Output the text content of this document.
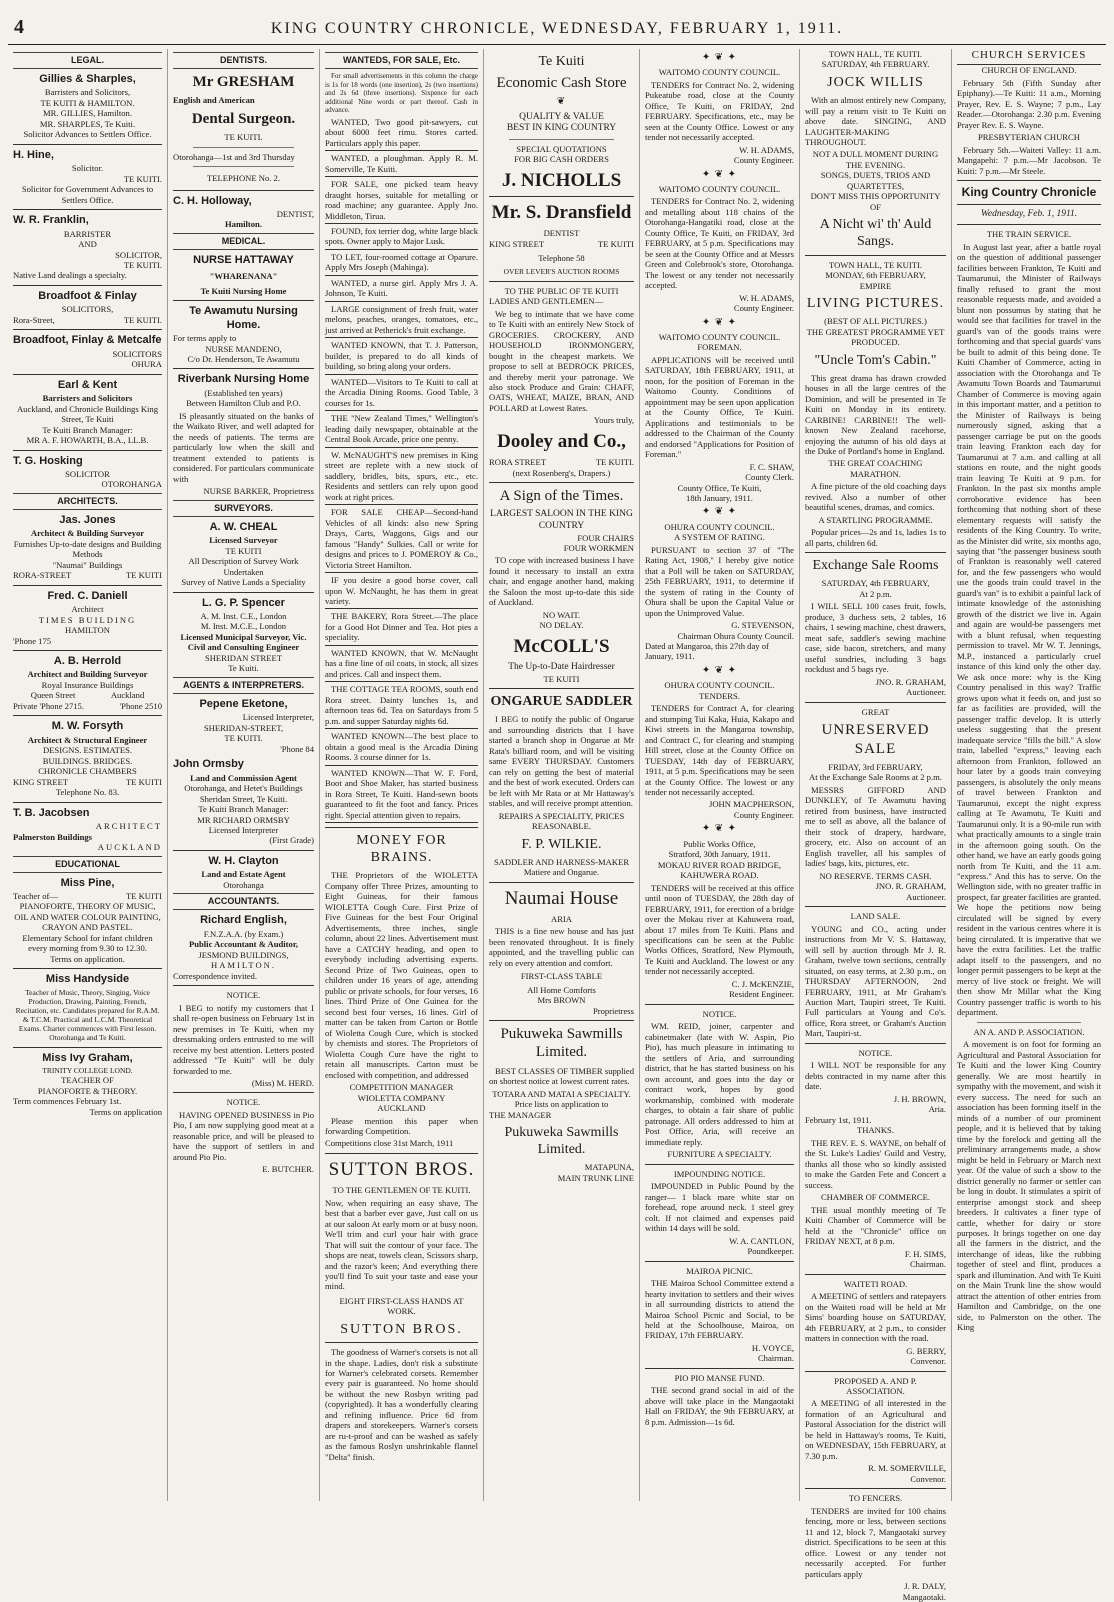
4	KING COUNTRY CHRONICLE, WEDNESDAY, FEBRUARY 1, 1911.
LEGAL.
Gillies & Sharples,
Barristers and Solicitors,
TE KUITI & HAMILTON.
MR. GILLIES, Hamilton.
MR. SHARPLES, Te Kuiti.
Solicitor Advances to Settlers Office.
H. Hine,
Solicitor.
TE KUITI.
Solicitor for Government Advances to Settlers Office.
W. R. Franklin,
BARRISTER
AND
SOLICITOR,
TE KUITI.
Native Land dealings a specialty.
Broadfoot & Finlay
SOLICITORS,
Rora-Street,	TE KUITI.
Broadfoot, Finlay & Metcalfe
SOLICITORS
OHURA
Earl & Kent
Barristers and Solicitors
Auckland, and Chronicle Buildings King Street, Te Kuiti
Te Kuiti Branch Manager:
MR A. F. HOWARTH, B.A., LL.B.
T. G. Hosking
SOLICITOR
OTOROHANGA
ARCHITECTS.
Jas. Jones
Architect & Building Surveyor
Furnishes Up-to-date designs and Building Methods
"Naumai" Buildings
RORA-STREET	TE KUITI
Fred. C. Daniell
Architect
TIMES BUILDING
HAMILTON
'Phone 175
A. B. Herrold
Architect and Building Surveyor
Royal Insurance Buildings
Queen Street	Auckland
Private 'Phone 2715.	'Phone 2510
M. W. Forsyth
Architect & Structural Engineer
DESIGNS. ESTIMATES.
BUILDINGS. BRIDGES.
CHRONICLE CHAMBERS
KING STREET	TE KUITI
Telephone No. 83.
T. B. Jacobsen
ARCHITECT
Palmerston Buildings
AUCKLAND
EDUCATIONAL
Miss Pine,
Teacher of—	TE KUITI
PIANOFORTE, THEORY OF MUSIC, OIL AND WATER COLOUR PAINTING, CRAYON AND PASTEL.
Elementary School for infant children every morning from 9.30 to 12.30.
Terms on application.
Miss Handyside
Teacher of Music, Theory, Singing, Voice Production, Drawing, Painting, French, Recitation, etc. Candidates prepared for R.A.M. & T.C.M. Practical and L.C.M. Theoretical Exams. Charter commences with First lesson. Otorohanga and Te Kuiti.
Miss Ivy Graham,
TRINITY COLLEGE LOND.
TEACHER OF
PIANOFORTE & THEORY.
Term commences February 1st.
Terms on application
DENTISTS.
Mr GRESHAM
English and American
Dental Surgeon.
TE KUITI.
Otorohanga—1st and 3rd Thursday
TELEPHONE No. 2.
C. H. Holloway,
DENTIST,
Hamilton.
MEDICAL.
NURSE HATTAWAY
"WHARENANA"
Te Kuiti Nursing Home
Te Awamutu Nursing Home.
For terms apply to
NURSE MANDENO,
C/o Dr. Henderson, Te Awamutu
Riverbank Nursing Home
(Established ten years)
Between Hamilton Club and P.O.
IS pleasantly situated on the banks of the Waikato River, and well adapted for the needs of patients. The terms are particularly low when the skill and treatment extended to patients is considered. For particulars communicate with
NURSE BARKER, Proprietress
SURVEYORS.
A. W. CHEAL
Licensed Surveyor
TE KUITI
All Description of Survey Work
Undertaken
Survey of Native Lands a Speciality
L. G. P. Spencer
A. M. Inst. C.E., London
M. Inst. M.C.E., London
Licensed Municipal Surveyor, Vic. Civil and Consulting Engineer
SHERIDAN STREET
Te Kuiti.
AGENTS & INTERPRETERS.
Pepene Eketone,
Licensed Interpreter,
SHERIDAN-STREET,
TE KUITI.
'Phone 84
John Ormsby
Land and Commission Agent
Otorohanga, and Hetet's Buildings Sheridan Street, Te Kuiti.
Te Kuiti Branch Manager:
MR RICHARD ORMSBY
Licensed Interpreter
(First Grade)
W. H. Clayton
Land and Estate Agent
Otorohanga
ACCOUNTANTS.
Richard English,
F.N.Z.A.A. (by Exam.)
Public Accountant & Auditor,
JESMOND BUILDINGS,
HAMILTON.
Correspondence invited.
NOTICE.
I BEG to notify my customers that I shall re-open business on February 1st in new premises in Te Kuiti, when my dressmaking orders entrusted to me will receive my best attention. Letters posted addressed "Te Kuiti" will be duly forwarded to me.
(Miss) M. HERD.
NOTICE.
HAVING OPENED BUSINESS in Pio Pio, I am now supplying good meat at a reasonable price, and will be pleased to have the support of settlers in and around Pio Pio.
E. BUTCHER.
WANTEDS, FOR SALE, Etc.
For small advertisements in this column the charge is 1s for 18 words (one insertion), 2s (two insertions) and 2s 6d (three insertions). Sixpence for each additional Nine words or part thereof. Cash in advance.
WANTED, Two good pit-sawyers, cut about 6000 feet rimu. Stores carted. Particulars apply this paper.
WANTED, a ploughman. Apply R. M. Somerville, Te Kuiti.
FOR SALE, one picked team heavy draught horses, suitable for metalling or road machine; any guarantee. Apply Jno. Middleton, Tirua.
FOUND, fox terrier dog, white large black spots. Owner apply to Major Lusk.
TO LET, four-roomed cottage at Oparure. Apply Mrs Joseph (Mahinga).
WANTED, a nurse girl. Apply Mrs J. A. Johnson, Te Kuiti.
LARGE consignment of fresh fruit, water melons, peaches, oranges, tomatoes, etc., just arrived at Petherick's fruit exchange.
WANTED KNOWN, that T. J. Patterson, builder, is prepared to do all kinds of building, so bring along your orders.
WANTED—Visitors to Te Kuiti to call at the Arcadia Dining Rooms. Good Table, 3 courses for 1s.
THE "New Zealand Times," Wellington's leading daily newspaper, obtainable at the Central Book Arcade, price one penny.
W. McNAUGHT'S new premises in King street are replete with a new stock of saddlery, bridles, bits, spurs, etc., etc. Residents and settlers can rely upon good work at right prices.
FOR SALE CHEAP—Second-hand Vehicles of all kinds: also new Spring Drays, Carts, Waggons, Gigs and our famous "Handy" Sulkies. Call or write for designs and prices to J. POMEROY & Co., Victoria Street Hamilton.
IF you desire a good horse cover, call upon W. McNaught, he has them in great variety.
THE BAKERY, Rora Street.—The place for a Good Hot Dinner and Tea. Hot pies a speciality.
WANTED KNOWN, that W. McNaught has a fine line of oil coats, in stock, all sizes and prices. Call and inspect them.
THE COTTAGE TEA ROOMS, south end Rora street. Dainty lunches 1s, and afternoon teas 6d. Tea on Saturdays from 5 p.m. and supper Saturday nights 6d.
WANTED KNOWN—The best place to obtain a good meal is the Arcadia Dining Rooms. 3 course dinner for 1s.
WANTED KNOWN—That W. F. Ford, Boot and Shoe Maker, has started business in Rora Street, Te Kuiti. Hand-sewn boots guaranteed to fit the foot and fancy. Prices right. Special attention given to repairs.
MONEY FOR BRAINS.
THE Proprietors of the WIOLETTA Company offer Three Prizes, amounting to Eight Guineas, for their famous WIOLETTA Cough Cure. First Prize of Five Guineas for the best Four Original Advertisements, three inches, single column, about 22 lines. Advertisement must have a CATCHY heading, and open to everybody including advertising experts. Second Prize of Two Guineas, open to children under 16 years of age, attending public or private schools, for four verses, 16 lines. Third Prize of One Guinea for the second best four verses, 16 lines. Girl of matter can be taken from Carton or Bottle of Wioletta Cough Cure, which is stocked by chemists and stores. The Proprietors of Wioletta Cough Cure have the right to retain all manuscripts. Carton must be enclosed with competition, and addressed
COMPETITION MANAGER
WIOLETTA COMPANY
AUCKLAND
Please mention this paper when forwarding Competition.
Competitions close 31st March, 1911
SUTTON BROS.
TO THE GENTLEMEN OF TE KUITI.
Now, when requiring an easy shave, The best that a barber ever gave, Just call on us at our saloon At early morn or at busy noon. We'll trim and curl your hair with grace That will suit the contour of your face. The shops are neat, towels clean, Scissors sharp, and the razor's keen; And everything there you'll find To suit your taste and ease your mind.
EIGHT FIRST-CLASS HANDS AT WORK.
SUTTON BROS.
The goodness of Warner's corsets is not all in the shape. Ladies, don't risk a substitute for Warner's celebrated corsets. Remember every pair is guaranteed. No home should be without the new Rosbyn writing pad (copyrighted). It has a wonderfully clearing and refining influence. Price 6d from drapers and storekeepers. Warner's corsets are ru-t-proof and can be washed as safely as the famous Roslyn unshrinkable flannel "Delta" finish.
Te Kuiti
Economic Cash Store
❦
QUALITY & VALUE
BEST IN KING COUNTRY
SPECIAL QUOTATIONS
FOR BIG CASH ORDERS
J. NICHOLLS
Mr. S. Dransfield
DENTIST
KING STREET	TE KUITI
Telephone 58
OVER LEVER'S AUCTION ROOMS
TO THE PUBLIC OF TE KUITI
LADIES AND GENTLEMEN—
We beg to intimate that we have come to Te Kuiti with an entirely New Stock of GROCERIES. CROCKERY, AND HOUSEHOLD IRONMONGERY, bought in the cheapest markets. We propose to sell at BEDROCK PRICES, and thereby merit your patronage. We also stock Produce and Grain: CHAFF, OATS, WHEAT, MAIZE, BRAN, AND POLLARD at Lowest Rates.
Yours truly,
Dooley and Co.,
RORA STREET	TE KUITI.
(next Rosenberg's, Drapers.)
A Sign of the Times.
LARGEST SALOON IN THE KING COUNTRY
FOUR CHAIRS
FOUR WORKMEN
TO cope with increased business I have found it necessary to install an extra chair, and engage another hand, making the Saloon the most up-to-date this side of Auckland.
NO WAIT.
NO DELAY.
McCOLL'S
The Up-to-Date Hairdresser
TE KUITI
ONGARUE SADDLER
I BEG to notify the public of Ongarue and surrounding districts that I have started a branch shop in Ongarue at Mr Rata's billiard room, and will be visiting same EVERY THURSDAY. Customers can rely on getting the best of material and the best of work executed. Orders can be left with Mr Rata or at Mr Hattaway's stables, and will receive prompt attention.
REPAIRS A SPECIALITY, PRICES REASONABLE.
F. P. WILKIE.
SADDLER AND HARNESS-MAKER
Matiere and Ongarue.
Naumai House
ARIA
THIS is a fine new house and has just been renovated throughout. It is finely appointed, and the travelling public can rely on every attention and comfort.
FIRST-CLASS TABLE
All Home Comforts
Mrs BROWN
Proprietress
Pukuweka Sawmills Limited.
BEST CLASSES OF TIMBER supplied on shortest notice at lowest current rates.
TOTARA AND MATAI A SPECIALTY.
Price lists on application to
THE MANAGER
Pukuweka Sawmills Limited.
MATAPUNA,
MAIN TRUNK LINE
✦ ❦ ✦
WAITOMO COUNTY COUNCIL.
TENDERS for Contract No. 2, widening Pukeatube road, close at the County Office, Te Kuiti, on FRIDAY, 2nd FEBRUARY. Specifications, etc., may be seen at the County Office. Lowest or any tender not necessarily accepted.
W. H. ADAMS,
County Engineer.
✦ ❦ ✦
WAITOMO COUNTY COUNCIL.
TENDERS for Contract No. 2, widening and metalling about 118 chains of the Otorohanga-Hangatiki road, close at the County Office, Te Kuiti, on FRIDAY, 3rd FEBRUARY, at 5 p.m. Specifications may be seen at the County Office and at Messrs Green and Colebrook's store, Otorohanga. The lowest or any tender not necessarily accepted.
W. H. ADAMS,
County Engineer.
✦ ❦ ✦
WAITOMO COUNTY COUNCIL.
FOREMAN.
APPLICATIONS will be received until SATURDAY, 18th FEBRUARY, 1911, at noon, for the position of Foreman in the Waitomo County. Conditions of appointment may be seen upon application at the County Office, Te Kuiti. Applications and testimonials to be addressed to the Chairman of the County and endorsed "Applications for Position of Foreman."
F. C. SHAW,
County Clerk.
County Office, Te Kuiti,
18th January, 1911.
✦ ❦ ✦
OHURA COUNTY COUNCIL.
A SYSTEM OF RATING.
PURSUANT to section 37 of "The Rating Act, 1908," I hereby give notice that a Poll will be taken on SATURDAY, 25th FEBRUARY, 1911, to determine if the system of rating in the County of Ohura shall be upon the Capital Value or upon the Unimproved Value.
G. STEVENSON,
Chairman Ohura County Council.
Dated at Mangaroa, this 27th day of January, 1911.
✦ ❦ ✦
OHURA COUNTY COUNCIL.
TENDERS.
TENDERS for Contract A, for clearing and stumping Tui Kaka, Huia, Kakapo and Kiwi streets in the Mangaroa township, and Contract C, for clearing and stumping Hill street, close at the County Office on TUESDAY, 14th day of FEBRUARY, 1911, at 5 p.m. Specifications may be seen at the County Office. The lowest or any tender not necessarily accepted.
JOHN MACPHERSON,
County Engineer.
✦ ❦ ✦
Public Works Office,
Stratford, 30th January, 1911.
MOKAU RIVER ROAD BRIDGE, KAHUWERA ROAD.
TENDERS will be received at this office until noon of TUESDAY, the 28th day of FEBRUARY, 1911, for erection of a bridge over the Mokau river at Kahuwera road, about 17 miles from Te Kuiti. Plans and specifications can be seen at the Public Works Offices, Stratford, New Plymouth, Te Kuiti and Auckland. The lowest or any tender not necessarily accepted.
C. J. McKENZIE,
Resident Engineer.
NOTICE.
WM. REID, joiner, carpenter and cabinetmaker (late with W. Aspin, Pio Pio), has much pleasure in intimating to the settlers of Aria, and surrounding district, that he has started business on his own account, and goes into the day or contract work, hopes by good workmanship, combined with moderate charges, to obtain a fair share of public patronage. All orders addressed to him at Post Office, Aria, will receive an immediate reply.
FURNITURE A SPECIALTY.
IMPOUNDING NOTICE.
IMPOUNDED in Public Pound by the ranger— 1 black mare white star on forehead, rope around neck. 1 steel grey colt. If not claimed and expenses paid within 14 days will be sold.
W. A. CANTLON,
Poundkeeper.
MAIROA PICNIC.
THE Mairoa School Committee extend a hearty invitation to settlers and their wives in all surrounding districts to attend the Mairoa School Picnic and Social, to be held at the Schoolhouse, Mairoa, on FRIDAY, 17th FEBRUARY.
H. VOYCE,
Chairman.
PIO PIO MANSE FUND.
THE second grand social in aid of the above will take place in the Mangaotaki Hall on FRIDAY, the 9th FEBRUARY, at 8 p.m. Admission—1s 6d.
TOWN HALL, TE KUITI.
SATURDAY, 4th FEBRUARY.
JOCK WILLIS
With an almost entirely new Company, will pay a return visit to Te Kuiti on above date. SINGING, AND LAUGHTER-MAKING THROUGHOUT.
NOT A DULL MOMENT DURING THE EVENING.
SONGS, DUETS, TRIOS AND QUARTETTES,
DON'T MISS THIS OPPORTUNITY OF
A Nicht wi' th' Auld Sangs.
TOWN HALL, TE KUITI.
MONDAY, 6th FEBRUARY,
EMPIRE
LIVING PICTURES.
(BEST OF ALL PICTURES.)
THE GREATEST PROGRAMME YET PRODUCED.
"Uncle Tom's Cabin."
This great drama has drawn crowded houses in all the large centres of the Dominion, and will be presented in Te Kuiti on Monday in its entirety. CARBINE! CARBINE!! The well-known New Zealand racehorse, enjoying the autumn of his old days at the Duke of Portland's home in England.
THE GREAT COACHING MARATHON.
A fine picture of the old coaching days revived. Also a number of other beautiful scenes, dramas, and comics.
A STARTLING PROGRAMME.
Popular prices—2s and 1s, ladies 1s to all parts, children 6d.
Exchange Sale Rooms
SATURDAY, 4th FEBRUARY,
At 2 p.m.
I WILL SELL 100 cases fruit, fowls, produce, 3 duchess sets, 2 tables, 16 chairs, 1 sewing machine, chest drawers, meat safe, saddler's sewing machine case, side bacon, stretchers, and many useful sundries, including 3 bags rockdust and 5 bags rye.
JNO. R. GRAHAM,
Auctioneer.
GREAT
UNRESERVED SALE
FRIDAY, 3rd FEBRUARY,
At the Exchange Sale Rooms at 2 p.m.
MESSRS GIFFORD AND DUNKLEY, of Te Awamutu having retired from business, have instructed me to sell as above, all the balance of their stock of drapery, hardware, grocery, etc. Also on account of an English traveller, all his samples of ladies' bags, kits, pictures, etc.
NO RESERVE. TERMS CASH.
JNO. R. GRAHAM,
Auctioneer.
LAND SALE.
YOUNG and CO., acting under instructions from Mr V. S. Hattaway, will sell by auction through Mr J. R. Graham, twelve town sections, centrally situated, on easy terms, at 2.30 p.m., on THURSDAY AFTERNOON, 2nd FEBRUARY, 1911, at Mr Graham's Auction Mart, Taupiri street, Te Kuiti. Full particulars at Young and Co's. office, Rora street, or Graham's Auction Mart, Taupiri-st.
NOTICE.
I WILL NOT be responsible for any debts contracted in my name after this date.
J. H. BROWN,
Aria.
February 1st, 1911.
THANKS.
THE REV. E. S. WAYNE, on behalf of the St. Luke's Ladies' Guild and Vestry, thanks all those who so kindly assisted to make the Garden Fete and Concert a success.
CHAMBER OF COMMERCE.
THE usual monthly meeting of Te Kuiti Chamber of Commerce will be held at the "Chronicle" office on FRIDAY NEXT, at 8 p.m.
F. H. SIMS,
Chairman.
WAITETI ROAD.
A MEETING of settlers and ratepayers on the Waiteti road will be held at Mr Sims' boarding house on SATURDAY, 4th FEBRUARY, at 2 p.m., to consider matters in connection with the road.
G. BERRY,
Convenor.
PROPOSED A. AND P. ASSOCIATION.
A MEETING of all interested in the formation of an Agricultural and Pastoral Association for the district will be held in Hattaway's rooms, Te Kuiti, on WEDNESDAY, 15th FEBRUARY, at 7.30 p.m.
R. M. SOMERVILLE,
Convenor.
TO FENCERS.
TENDERS are invited for 100 chains fencing, more or less, between sections 11 and 12, block 7, Mangaotaki survey district. Specifications to be seen at this office. Lowest or any tender not necessarily accepted. For further particulars apply
J. R. DALY,
Mangaotaki.
CHURCH SERVICES
CHURCH OF ENGLAND.
February 5th (Fifth Sunday after Epiphany).—Te Kuiti: 11 a.m., Morning Prayer, Rev. E. S. Wayne; 7 p.m., Lay Reader.—Otorohanga: 2.30 p.m. Evening Prayer Rev. E. S. Wayne.
PRESBYTERIAN CHURCH
February 5th.—Waiteti Valley: 11 a.m. Mangapehi: 7 p.m.—Mr Jacobson. Te Kuiti: 7 p.m.—Mr Steele.
King Country Chronicle
Wednesday, Feb. 1, 1911.
THE TRAIN SERVICE.
In August last year, after a battle royal on the question of additional passenger facilities between Frankton, Te Kuiti and Taumarunui, the Minister of Railways finally refused to grant the most reasonable requests made, and avoided a blunt non possumus by stating that he would see that facilities for travel in the guard's van of the goods trains were forthcoming and that special guards' vans be built to admit of this being done. Te Kuiti Chamber of Commerce, acting in association with the Otorohanga and Te Awamutu Town Boards and Taumarunui Chamber of Commerce is moving again in this important matter, and a petition to the Minister of Railways is being numerously signed, asking that a passenger carriage be put on the goods train leaving Frankton each day for Taumarunui at 7 a.m. and calling at all stations en route, and the night goods train leaving Te Kuiti at 9 p.m. for Frankton. In the past six months ample corroborative evidence has been forthcoming that nothing short of these elementary requests will satisfy the residents of the King Country. To write, as the Minister did write, six months ago, saying that "the passenger business south of Frankton is reasonably well catered for, and the few passengers who would use the goods train could travel in the guard's van" is to exhibit a painful lack of intimate knowledge of the astonishing growth of the district we live in. Again and again are would-be passengers met with a blunt refusal, when requesting permission to travel. Mr W. T. Jennings, M.P., instanced a particularly cruel instance of this kind only the other day. We ask once more: why is the King Country penalised in this way? Traffic grows upon what it feeds on, and just so far as facilities are provided, will the passenger traffic develop. It is utterly useless suggesting that the present inadequate service "fills the bill." A slow train, labelled "express," leaving each afternoon from Frankton, followed an hour later by a goods train conveying passengers, is absolutely the only means of travel between Frankton and Taumarunui, except the night express calling at Te Awamutu, Te Kuiti and Taumarunui only. It is a 90-mile run with what practically amounts to a single train in the afternoon going south. On the other hand, we have an early goods going north from Te Kuiti, and the 11 a.m. "express." And this has to serve. On the Wellington side, with no greater traffic in prospect, far greater facilities are granted. We hope the petitions now being circulated will be signed by every resident in the various centres where it is being circulated. It is imperative that we have the extra facilities. Let the traffic adapt itself to the passengers, and no longer permit passengers to be kept at the mercy of live stock or freight. We will then show Mr Millar what the King Country passenger traffic is worth to his department.
AN A. AND P. ASSOCIATION.
A movement is on foot for forming an Agricultural and Pastoral Association for Te Kuiti and the lower King Country generally. We are most heartily in sympathy with the movement, and wish it every success. The need for such an association has been forming itself in the minds of a number of our prominent people, and it is believed that by taking time by the forelock and getting all the preliminary arrangements made, a show might be held in February or March next year. Of the value of such a show to the district generally no farmer or settler can be long in doubt. It stimulates a spirit of enterprise amongst stock and sheep breeders. It cultivates a finer type of cattle, whether for dairy or store purposes. It brings together on one day all the farmers in the district, and the interchange of ideas, like the rubbing together of steel and flint, produces a spark and illumination. And with Te Kuiti on the Main Trunk line the show would attract the attention of other entries from Hamilton and Cambridge, on the one side, to Palmerston on the other. The King
